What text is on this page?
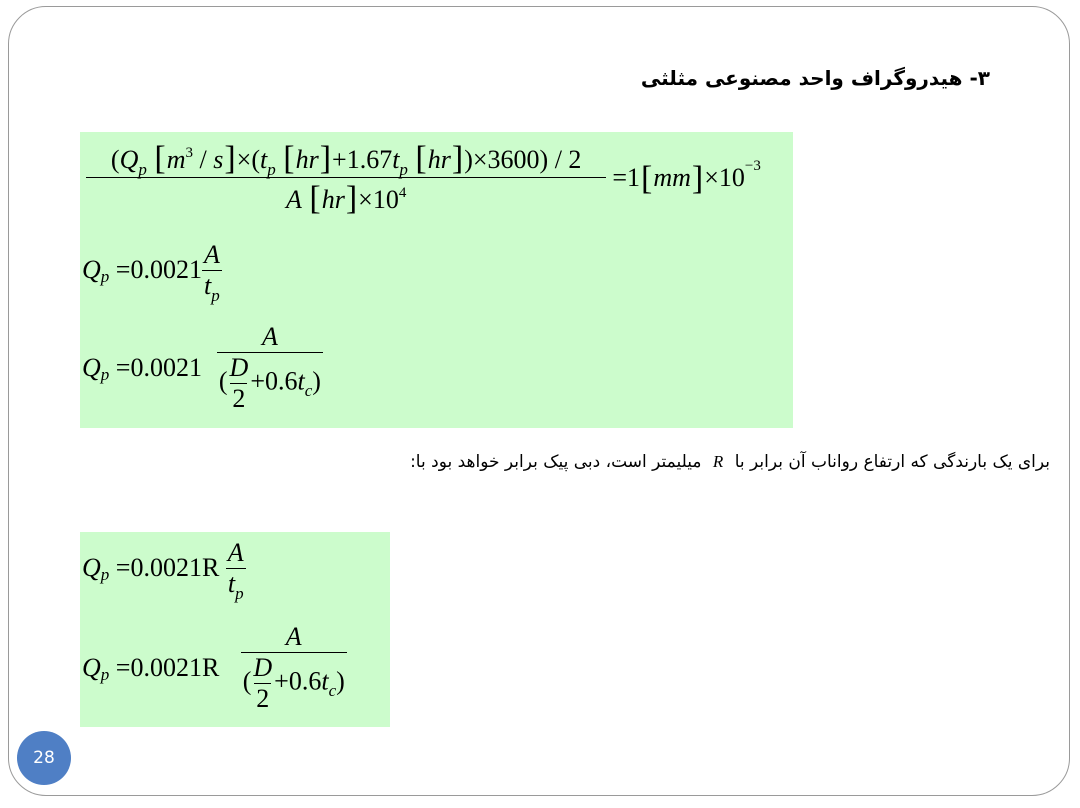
۳- هیدروگراف واحد مصنوعی مثلثی
($Q_p$ $[m^3 / s]\times(t_p$ $[hr]+1.67t_p$ [hr])×3600) / 2
A $[hr]\times 10^4$
= 1 [ mm ] × 10 −3
Q $p = 0.0021 \frac{A}{t_p}$
Q $p = 0.0021 \frac{A}{( \frac{D}{2} +0.6t_c)}$
برای یک بارندگی که ارتفاع رواناب آن برابر با R میلیمتر است، دبی پیک برابر خواهد بود با:
Q p = 0.0021R
$\frac{A}{t_p}$
Q p = 0.0021R
$\frac{A}{( \frac{D}{2} +0.6t_c)}$
28
